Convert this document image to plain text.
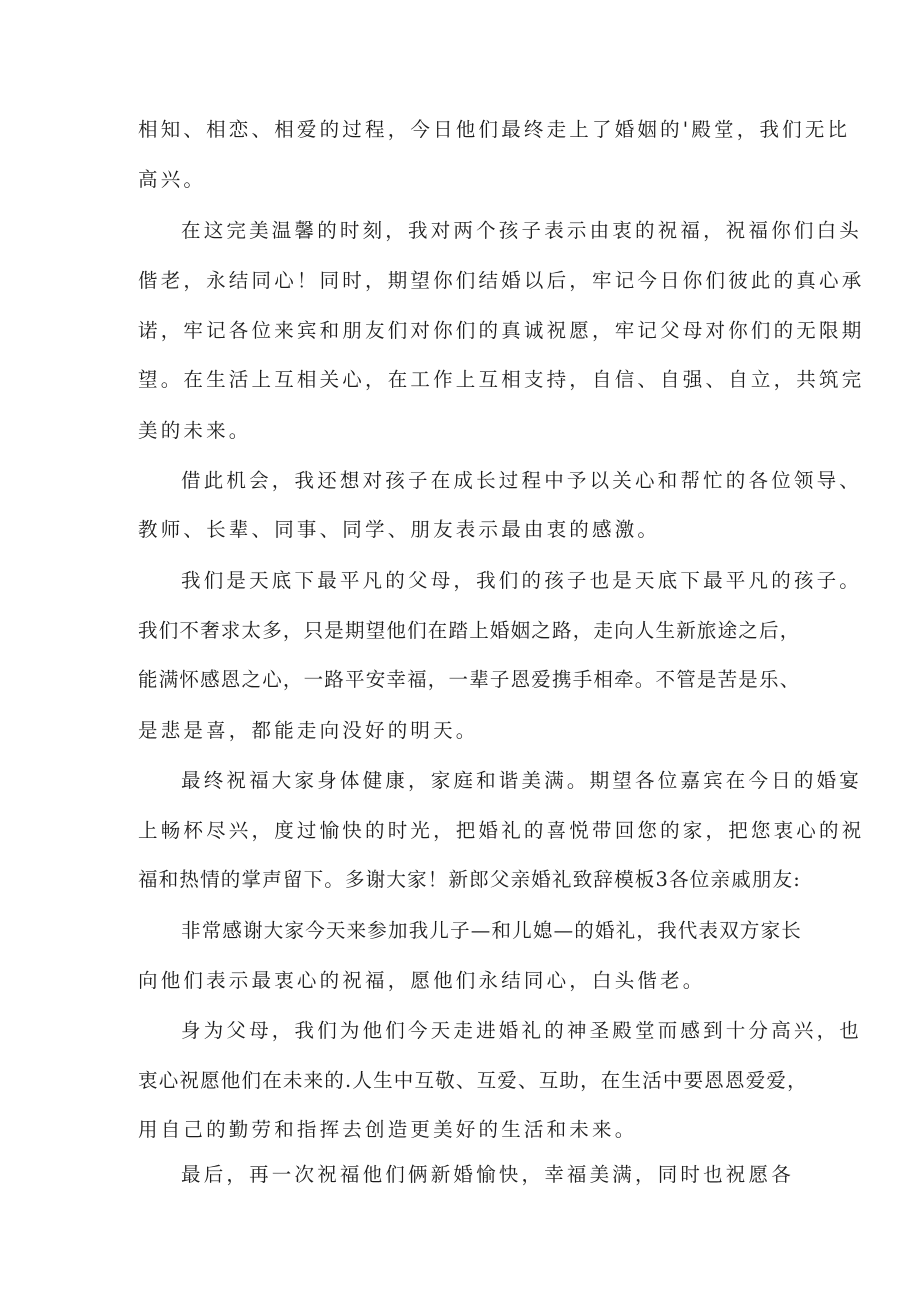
相知、相恋、相爱的过程，今日他们最终走上了婚姻的'殿堂，我们无比
高兴。
在这完美温馨的时刻，我对两个孩子表示由衷的祝福，祝福你们白头
偕老，永结同心！同时，期望你们结婚以后，牢记今日你们彼此的真心承
诺，牢记各位来宾和朋友们对你们的真诚祝愿，牢记父母对你们的无限期
望。在生活上互相关心，在工作上互相支持，自信、自强、自立，共筑完
美的未来。
借此机会，我还想对孩子在成长过程中予以关心和帮忙的各位领导、
教师、长辈、同事、同学、朋友表示最由衷的感激。
我们是天底下最平凡的父母，我们的孩子也是天底下最平凡的孩子。
我们不奢求太多，只是期望他们在踏上婚姻之路，走向人生新旅途之后，
能满怀感恩之心，一路平安幸福，一辈子恩爱携手相牵。不管是苦是乐、
是悲是喜，都能走向没好的明天。
最终祝福大家身体健康，家庭和谐美满。期望各位嘉宾在今日的婚宴
上畅杯尽兴，度过愉快的时光，把婚礼的喜悦带回您的家，把您衷心的祝
福和热情的掌声留下。多谢大家！新郎父亲婚礼致辞模板3各位亲戚朋友:
非常感谢大家今天来参加我儿子—和儿媳—的婚礼，我代表双方家长
向他们表示最衷心的祝福，愿他们永结同心，白头偕老。
身为父母，我们为他们今天走进婚礼的神圣殿堂而感到十分高兴，也
衷心祝愿他们在未来的.人生中互敬、互爱、互助，在生活中要恩恩爱爱，
用自己的勤劳和指挥去创造更美好的生活和未来。
最后，再一次祝福他们俩新婚愉快，幸福美满，同时也祝愿各
